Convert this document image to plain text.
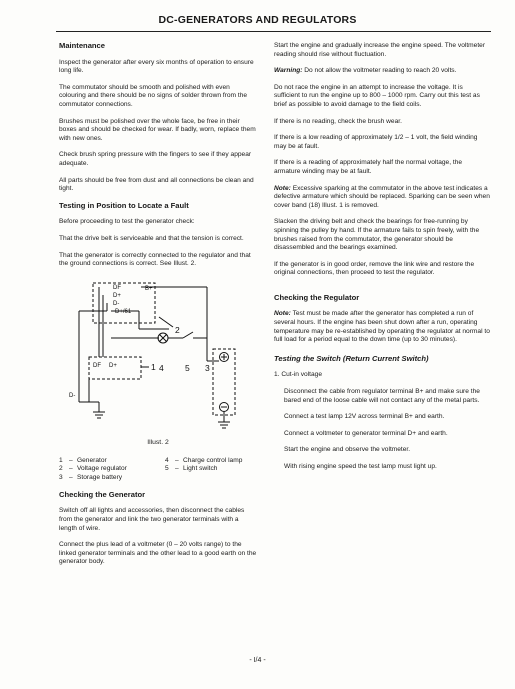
DC-GENERATORS AND REGULATORS
Maintenance

Inspect the generator after every six months of operation to ensure long life.

The commutator should be smooth and polished with even colouring and there should be no signs of solder thrown from the commutator connections.

Brushes must be polished over the whole face, be free in their boxes and should be checked for wear. If badly, worn, replace them with new ones.

Check brush spring pressure with the fingers to see if they appear adequate.

All parts should be free from dust and all connections be clean and tight.

Testing in Position to Locate a Fault

Before proceeding to test the generator check:

That the drive belt is serviceable and that the tension is correct.

That the generator is correctly connected to the regulator and that the ground connections is correct. See Illust. 2.

DF
D+
D-
D+/61
B+
2
1 4	5 3
DF D+
D-
Illust. 2
1 – Generator	4 – Charge control lamp
2 – Voltage regulator	5 – Light switch
3 – Storage battery
Checking the Generator

Switch off all lights and accessories, then disconnect the cables from the generator and link the two generator terminals with a length of wire.

Connect the plus lead of a voltmeter (0 – 20 volts range) to the linked generator terminals and the other lead to a good earth on the generator body.

Start the engine and gradually increase the engine speed. The voltmeter reading should rise without fluctuation.

Warning: Do not allow the voltmeter reading to reach 20 volts.

Do not race the engine in an attempt to increase the voltage. It is sufficient to run the engine up to 800 – 1000 rpm. Carry out this test as brief as possible to avoid damage to the field coils.

If there is no reading, check the brush wear.

If there is a low reading of approximately 1/2 – 1 volt, the field winding may be at fault.

If there is a reading of approximately half the normal voltage, the armature winding may be at fault.

Note: Excessive sparking at the commutator in the above test indicates a defective armature which should be replaced. Sparking can be seen when cover band (18) Illust. 1 is removed.

Slacken the driving belt and check the bearings for free-running by spinning the pulley by hand. If the armature fails to spin freely, with the brushes raised from the commutator, the generator should be disassembled and the bearings examined.

If the generator is in good order, remove the link wire and restore the original connections, then proceed to test the regulator.

Checking the Regulator

Note: Test must be made after the generator has completed a run of several hours. If the engine has been shut down after a run, operating temperature may be re-established by operating the regulator at normal to full load for a period equal to the down time (up to 30 minutes).

Testing the Switch (Return Current Switch)

1. Cut-in voltage

Disconnect the cable from regulator terminal B+ and make sure the bared end of the loose cable will not contact any of the metal parts.

Connect a test lamp 12V across terminal B+ and earth.

Connect a voltmeter to generator terminal D+ and earth.

Start the engine and observe the voltmeter.

With rising engine speed the test lamp must light up.

- I/4 -
